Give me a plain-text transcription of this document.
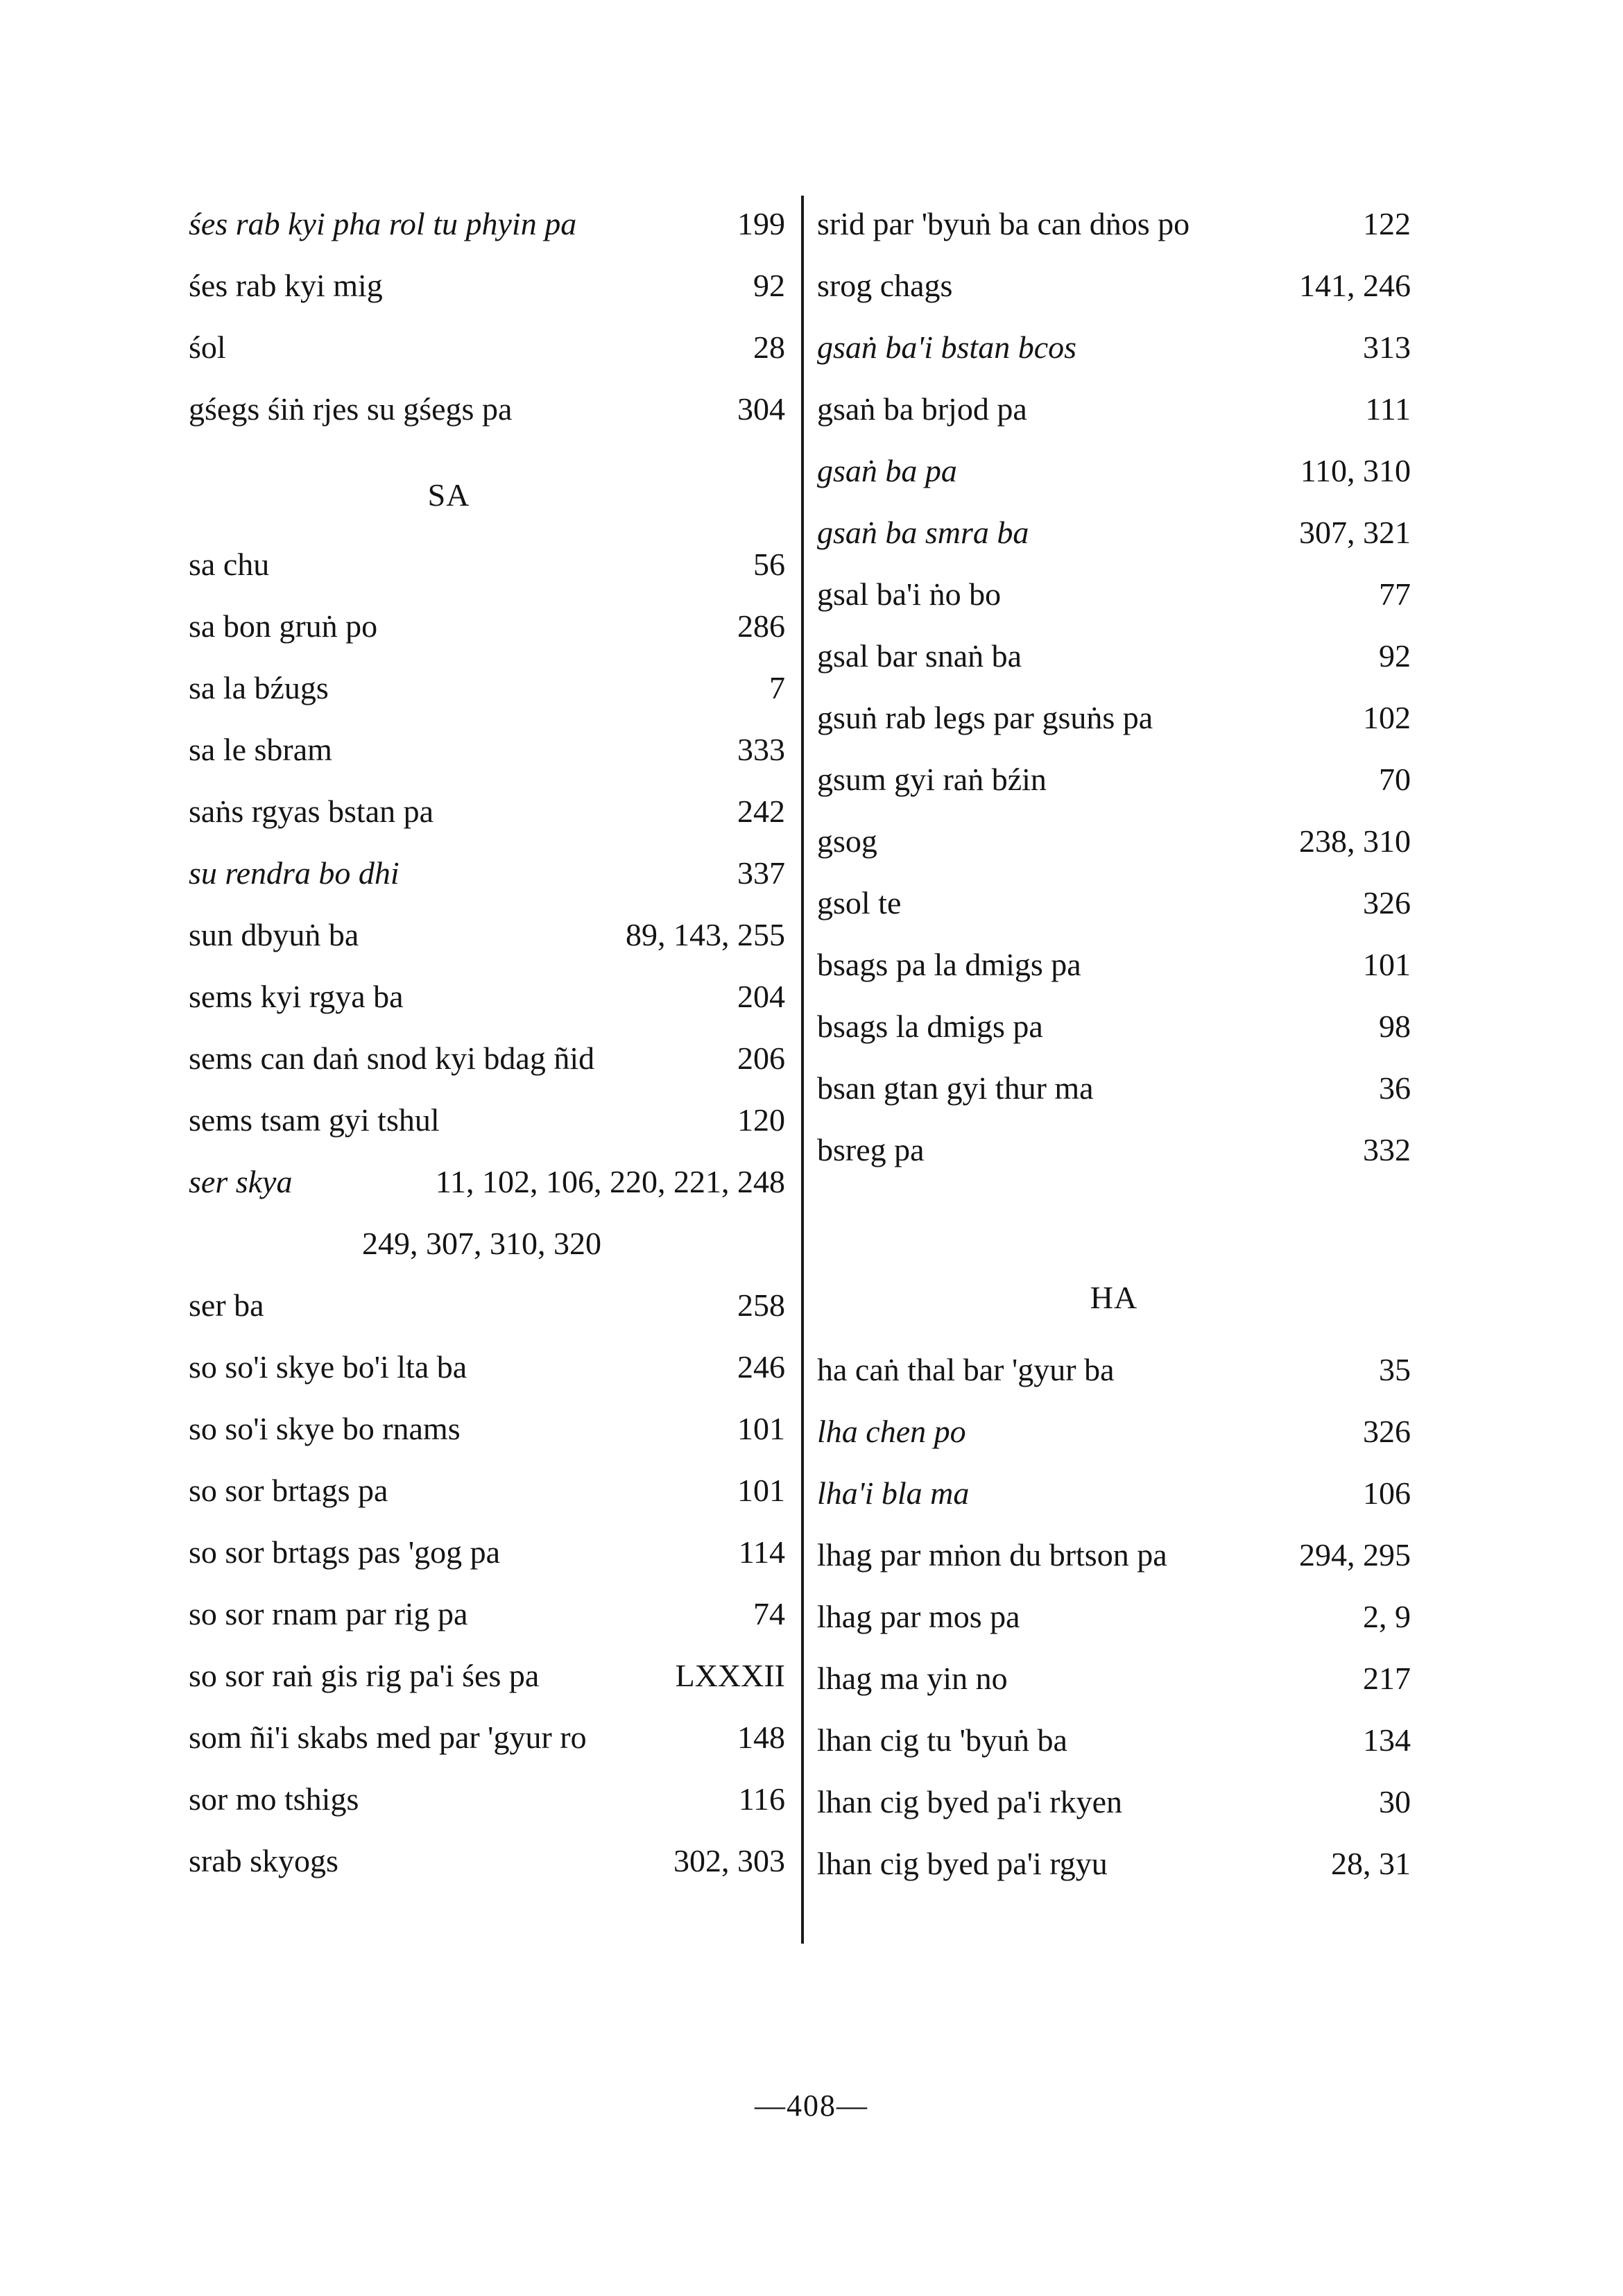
śes rab kyi pha rol tu phyin pa	199
śes rab kyi mig	92
śol	28
gśegs śiṅ rjes su gśegs pa	304
SA
sa chu	56
sa bon gruṅ po	286
sa la bźugs	7
sa le sbram	333
saṅs rgyas bstan pa	242
su rendra bo dhi	337
sun dbyuṅ ba	89, 143, 255
sems kyi rgya ba	204
sems can daṅ snod kyi bdag ñid	206
sems tsam gyi tshul	120
ser skya	11, 102, 106, 220, 221, 248
249, 307, 310, 320
ser ba	258
so so'i skye bo'i lta ba	246
so so'i skye bo rnams	101
so sor brtags pa	101
so sor brtags pas 'gog pa	114
so sor rnam par rig pa	74
so sor raṅ gis rig pa'i śes pa	LXXXII
som ñi'i skabs med par 'gyur ro	148
sor mo tshigs	116
srab skyogs	302, 303
srid par 'byuṅ ba can dṅos po	122
srog chags	141, 246
gsaṅ ba'i bstan bcos	313
gsaṅ ba brjod pa	111
gsaṅ ba pa	110, 310
gsaṅ ba smra ba	307, 321
gsal ba'i ṅo bo	77
gsal bar snaṅ ba	92
gsuṅ rab legs par gsuṅs pa	102
gsum gyi raṅ bźin	70
gsog	238, 310
gsol te	326
bsags pa la dmigs pa	101
bsags la dmigs pa	98
bsan gtan gyi thur ma	36
bsreg pa	332
HA
ha caṅ thal bar 'gyur ba	35
lha chen po	326
lha'i bla ma	106
lhag par mṅon du brtson pa	294, 295
lhag par mos pa	2, 9
lhag ma yin no	217
lhan cig tu 'byuṅ ba	134
lhan cig byed pa'i rkyen	30
lhan cig byed pa'i rgyu	28, 31
—408—
